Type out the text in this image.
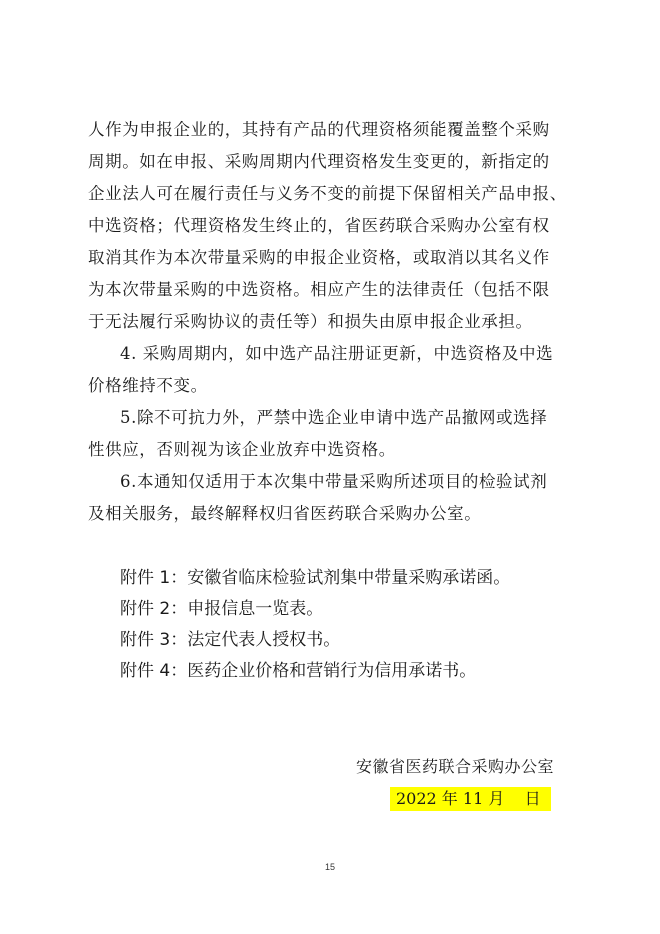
人作为申报企业的，其持有产品的代理资格须能覆盖整个采购
周期。如在申报、采购周期内代理资格发生变更的，新指定的
企业法人可在履行责任与义务不变的前提下保留相关产品申报、
中选资格；代理资格发生终止的，省医药联合采购办公室有权
取消其作为本次带量采购的申报企业资格，或取消以其名义作
为本次带量采购的中选资格。相应产生的法律责任（包括不限
于无法履行采购协议的责任等）和损失由原申报企业承担。
4. 采购周期内，如中选产品注册证更新，中选资格及中选
价格维持不变。
5.除不可抗力外，严禁中选企业申请中选产品撤网或选择
性供应，否则视为该企业放弃中选资格。
6.本通知仅适用于本次集中带量采购所述项目的检验试剂
及相关服务，最终解释权归省医药联合采购办公室。
附件 1：安徽省临床检验试剂集中带量采购承诺函。
附件 2：申报信息一览表。
附件 3：法定代表人授权书。
附件 4：医药企业价格和营销行为信用承诺书。
安徽省医药联合采购办公室
2022 年 11 月    日
15
